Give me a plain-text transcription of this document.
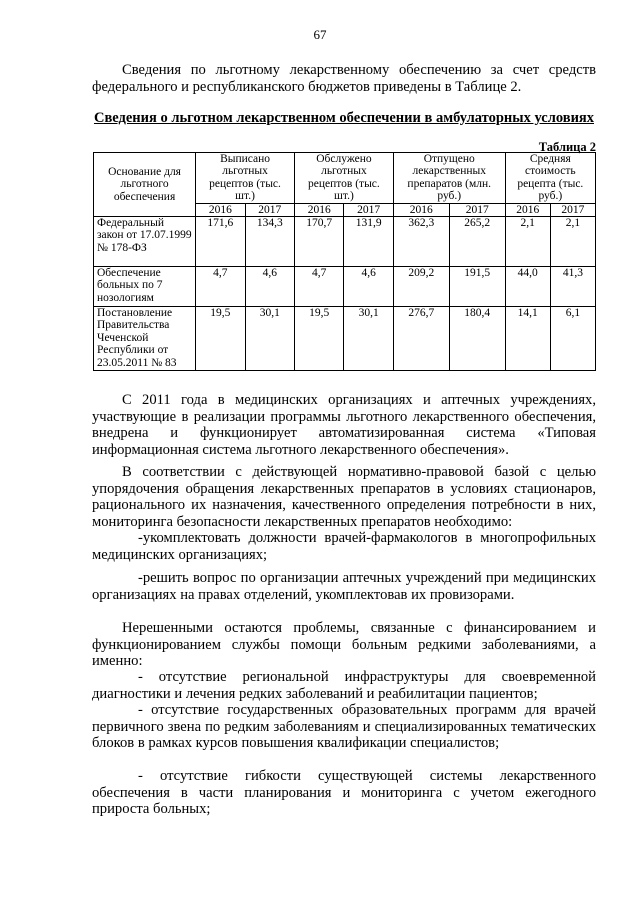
67

Сведения по льготному лекарственному обеспечению за счет средств федерального и республиканского бюджетов приведены в Таблице 2.

Сведения о льготном лекарственном обеспечении в амбулаторных условиях
Таблица 2
Основание для льготного обеспечения	Выписано льготных рецептов (тыс. шт.)		Обслужено льготных рецептов (тыс. шт.)		Отпущено лекарственных препаратов (млн. руб.)		Средняя стоимость рецепта (тыс. руб.)	
	2016	2017	2016	2017	2016	2017	2016	2017
Федеральный закон от 17.07.1999 № 178-ФЗ	171,6	134,3	170,7	131,9	362,3	265,2	2,1	2,1
Обеспечение больных по 7 нозологиям	4,7	4,6	4,7	4,6	209,2	191,5	44,0	41,3
Постановление Правительства Чеченской Республики от 23.05.2011 № 83	19,5	30,1	19,5	30,1	276,7	180,4	14,1	6,1

С 2011 года в медицинских организациях и аптечных учреждениях, участвующие в реализации программы льготного лекарственного обеспечения, внедрена и функционирует автоматизированная система «Типовая информационная система льготного лекарственного обеспечения».

В соответствии с действующей нормативно-правовой базой с целью упорядочения обращения лекарственных препаратов в условиях стационаров, рационального их назначения, качественного определения потребности в них, мониторинга безопасности лекарственных препаратов необходимо:

-укомплектовать должности врачей-фармакологов в многопрофильных медицинских организациях;

-решить вопрос по организации аптечных учреждений при медицинских организациях на правах отделений, укомплектовав их провизорами.

Нерешенными остаются проблемы, связанные с финансированием и функционированием службы помощи больным редкими заболеваниями, а именно:

- отсутствие региональной инфраструктуры для своевременной диагностики и лечения редких заболеваний и реабилитации пациентов;

- отсутствие государственных образовательных программ для врачей первичного звена по редким заболеваниям и специализированных тематических блоков в рамках курсов повышения квалификации специалистов;

- отсутствие гибкости существующей системы лекарственного обеспечения в части планирования и мониторинга с учетом ежегодного прироста больных;
